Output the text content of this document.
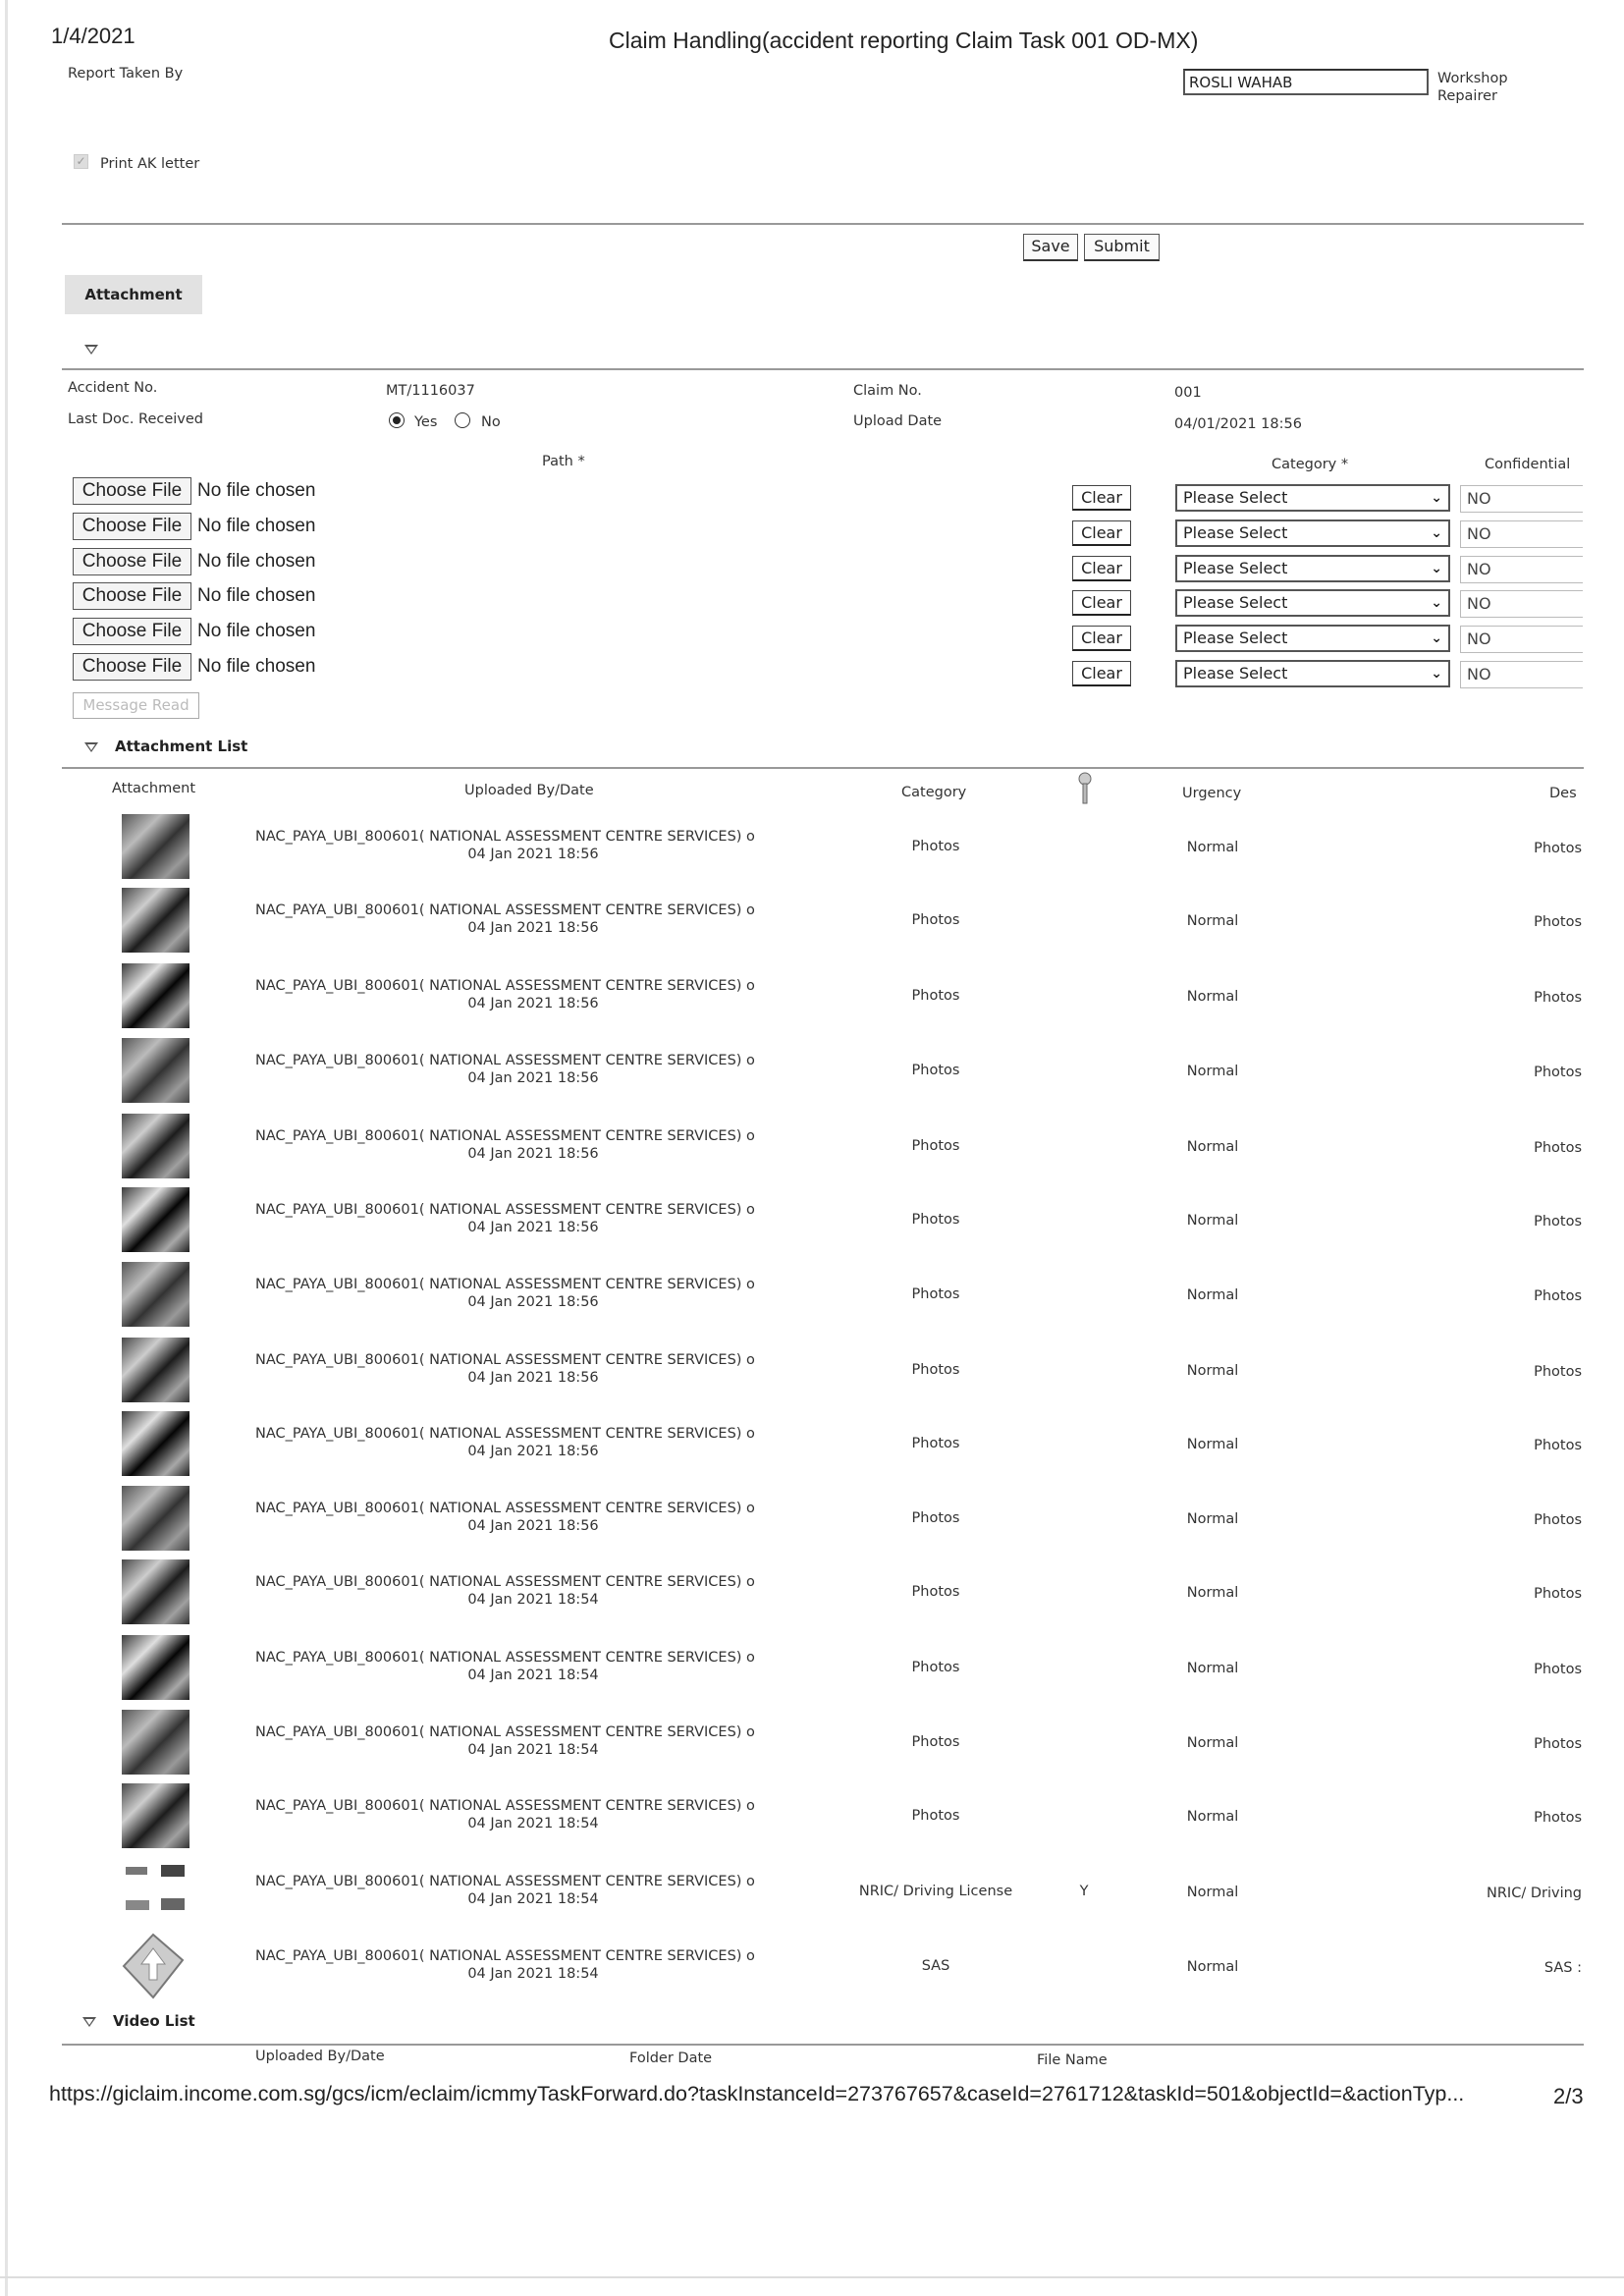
1/4/2021	Claim Handling(accident reporting Claim Task 001 OD-MX)
Report Taken By	ROSLI WAHAB	Workshop
Repairer
✓ Print AK letter
Save	Submit
Attachment
Accident No.	MT/1116037	Claim No.	001
Last Doc. Received	Yes	No	Upload Date	04/01/2021 18:56
Path *	Category *	Confidential
Choose File No file chosen	Clear	Please Select	⌄	NO
Choose File No file chosen	Clear	Please Select	⌄	NO
Choose File No file chosen	Clear	Please Select	⌄	NO
Choose File No file chosen	Clear	Please Select	⌄	NO
Choose File No file chosen	Clear	Please Select	⌄	NO
Choose File No file chosen	Clear	Please Select	⌄	NO
Message Read
Attachment List
Attachment	Uploaded By/Date	Category	Urgency	Des
NAC_PAYA_UBI_800601( NATIONAL ASSESSMENT CENTRE SERVICES) o
04 Jan 2021 18:56	Photos	Normal	Photos
NAC_PAYA_UBI_800601( NATIONAL ASSESSMENT CENTRE SERVICES) o
04 Jan 2021 18:56	Photos	Normal	Photos
NAC_PAYA_UBI_800601( NATIONAL ASSESSMENT CENTRE SERVICES) o
04 Jan 2021 18:56	Photos	Normal	Photos
NAC_PAYA_UBI_800601( NATIONAL ASSESSMENT CENTRE SERVICES) o
04 Jan 2021 18:56	Photos	Normal	Photos
NAC_PAYA_UBI_800601( NATIONAL ASSESSMENT CENTRE SERVICES) o
04 Jan 2021 18:56	Photos	Normal	Photos
NAC_PAYA_UBI_800601( NATIONAL ASSESSMENT CENTRE SERVICES) o
04 Jan 2021 18:56	Photos	Normal	Photos
NAC_PAYA_UBI_800601( NATIONAL ASSESSMENT CENTRE SERVICES) o
04 Jan 2021 18:56	Photos	Normal	Photos
NAC_PAYA_UBI_800601( NATIONAL ASSESSMENT CENTRE SERVICES) o
04 Jan 2021 18:56	Photos	Normal	Photos
NAC_PAYA_UBI_800601( NATIONAL ASSESSMENT CENTRE SERVICES) o
04 Jan 2021 18:56	Photos	Normal	Photos
NAC_PAYA_UBI_800601( NATIONAL ASSESSMENT CENTRE SERVICES) o
04 Jan 2021 18:56	Photos	Normal	Photos
NAC_PAYA_UBI_800601( NATIONAL ASSESSMENT CENTRE SERVICES) o
04 Jan 2021 18:54	Photos	Normal	Photos
NAC_PAYA_UBI_800601( NATIONAL ASSESSMENT CENTRE SERVICES) o
04 Jan 2021 18:54	Photos	Normal	Photos
NAC_PAYA_UBI_800601( NATIONAL ASSESSMENT CENTRE SERVICES) o
04 Jan 2021 18:54	Photos	Normal	Photos
NAC_PAYA_UBI_800601( NATIONAL ASSESSMENT CENTRE SERVICES) o
04 Jan 2021 18:54	Photos	Normal	Photos
NAC_PAYA_UBI_800601( NATIONAL ASSESSMENT CENTRE SERVICES) o
04 Jan 2021 18:54	NRIC/ Driving License	Y	Normal	NRIC/ Driving
NAC_PAYA_UBI_800601( NATIONAL ASSESSMENT CENTRE SERVICES) o
04 Jan 2021 18:54	SAS	Normal	SAS :
Video List
Uploaded By/Date	Folder Date	File Name
https://giclaim.income.com.sg/gcs/icm/eclaim/icmmyTaskForward.do?taskInstanceId=273767657&caseId=2761712&taskId=501&objectId=&actionTyp...	2/3
